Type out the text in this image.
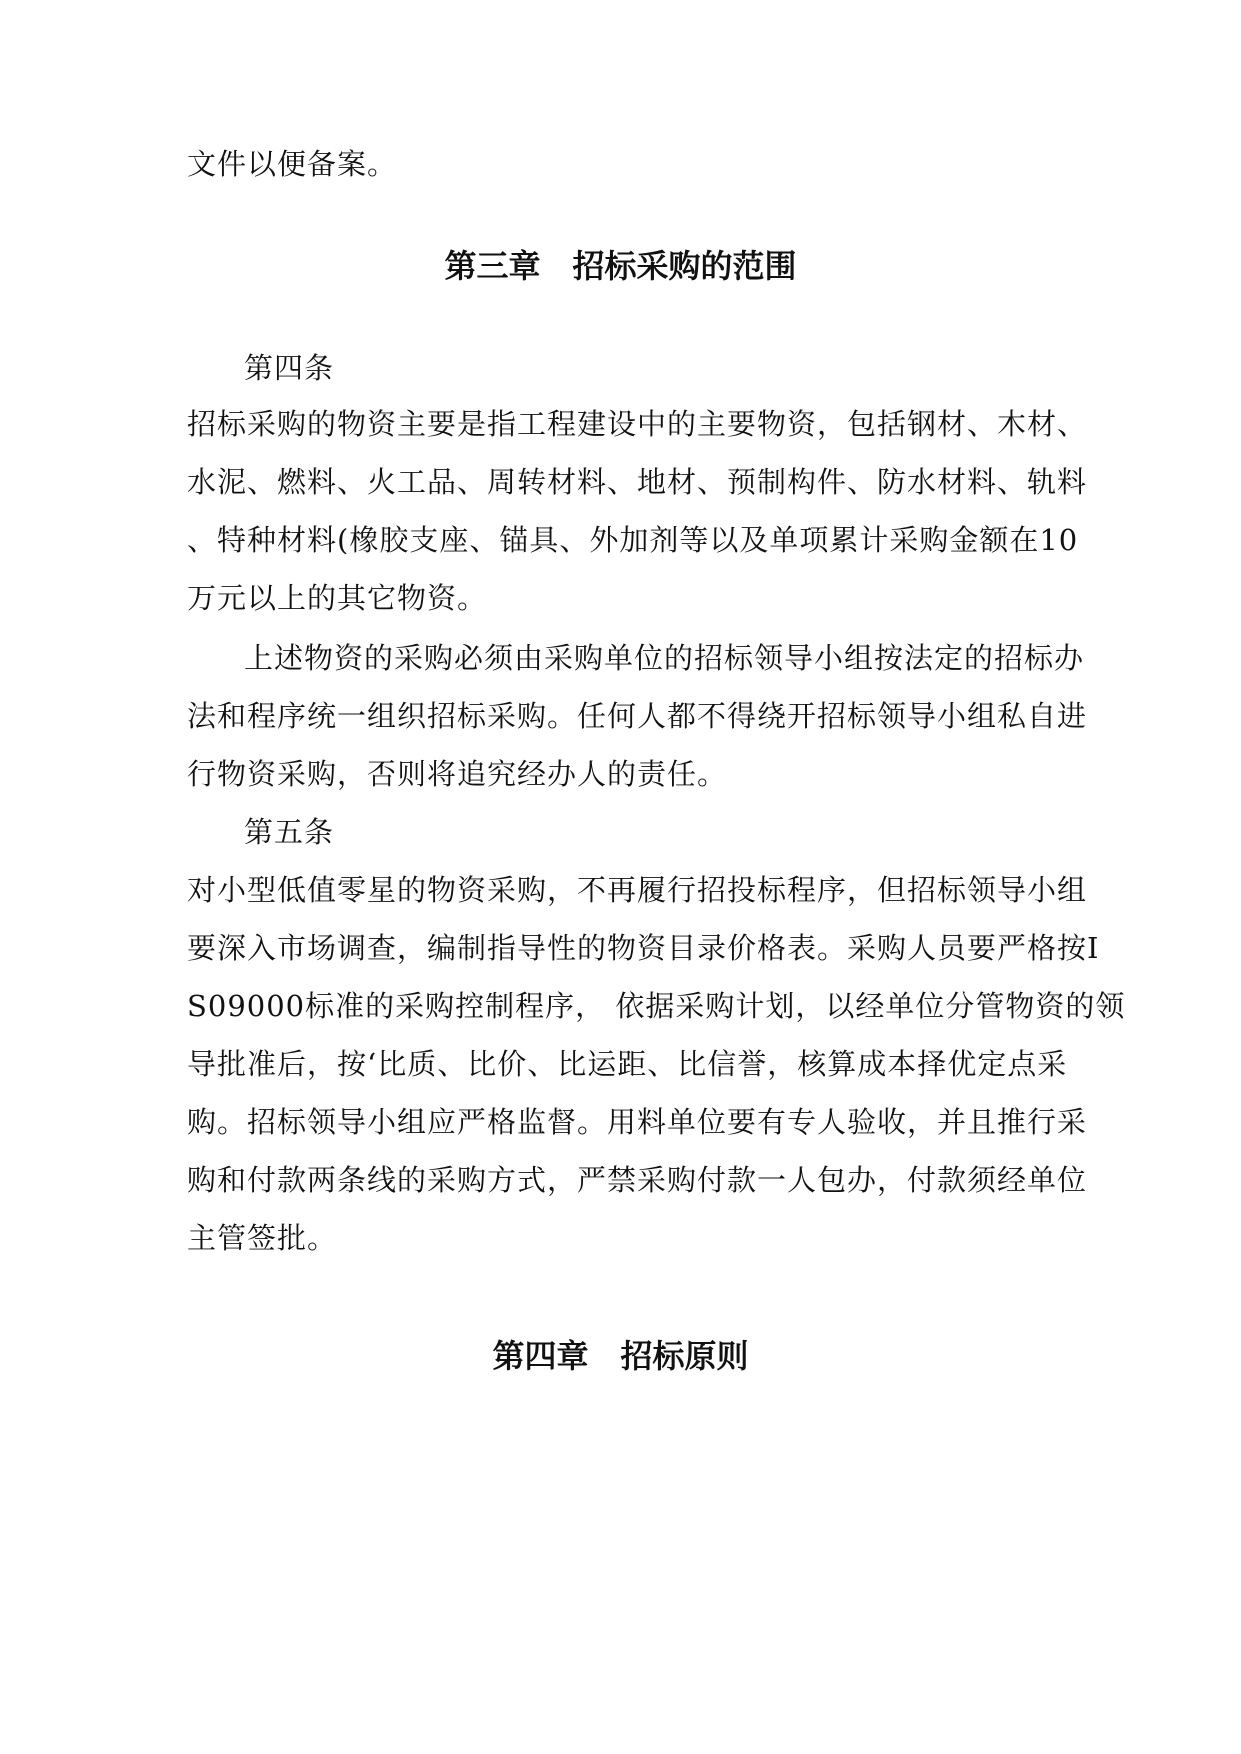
文件以便备案。
第三章　招标采购的范围
第四条
招标采购的物资主要是指工程建设中的主要物资，包括钢材、木材、
水泥、燃料、火工品、周转材料、地材、预制构件、防水材料、轨料
、特种材料(橡胶支座、锚具、外加剂等以及单项累计采购金额在10
万元以上的其它物资。
上述物资的采购必须由采购单位的招标领导小组按法定的招标办
法和程序统一组织招标采购。任何人都不得绕开招标领导小组私自进
行物资采购，否则将追究经办人的责任。
第五条
对小型低值零星的物资采购，不再履行招投标程序，但招标领导小组
要深入市场调查，编制指导性的物资目录价格表。采购人员要严格按I
S09000标准的采购控制程序， 依据采购计划，以经单位分管物资的领
导批准后，按‘比质、比价、比运距、比信誉，核算成本择优定点采
购。招标领导小组应严格监督。用料单位要有专人验收，并且推行采
购和付款两条线的采购方式，严禁采购付款一人包办，付款须经单位
主管签批。
第四章　招标原则
